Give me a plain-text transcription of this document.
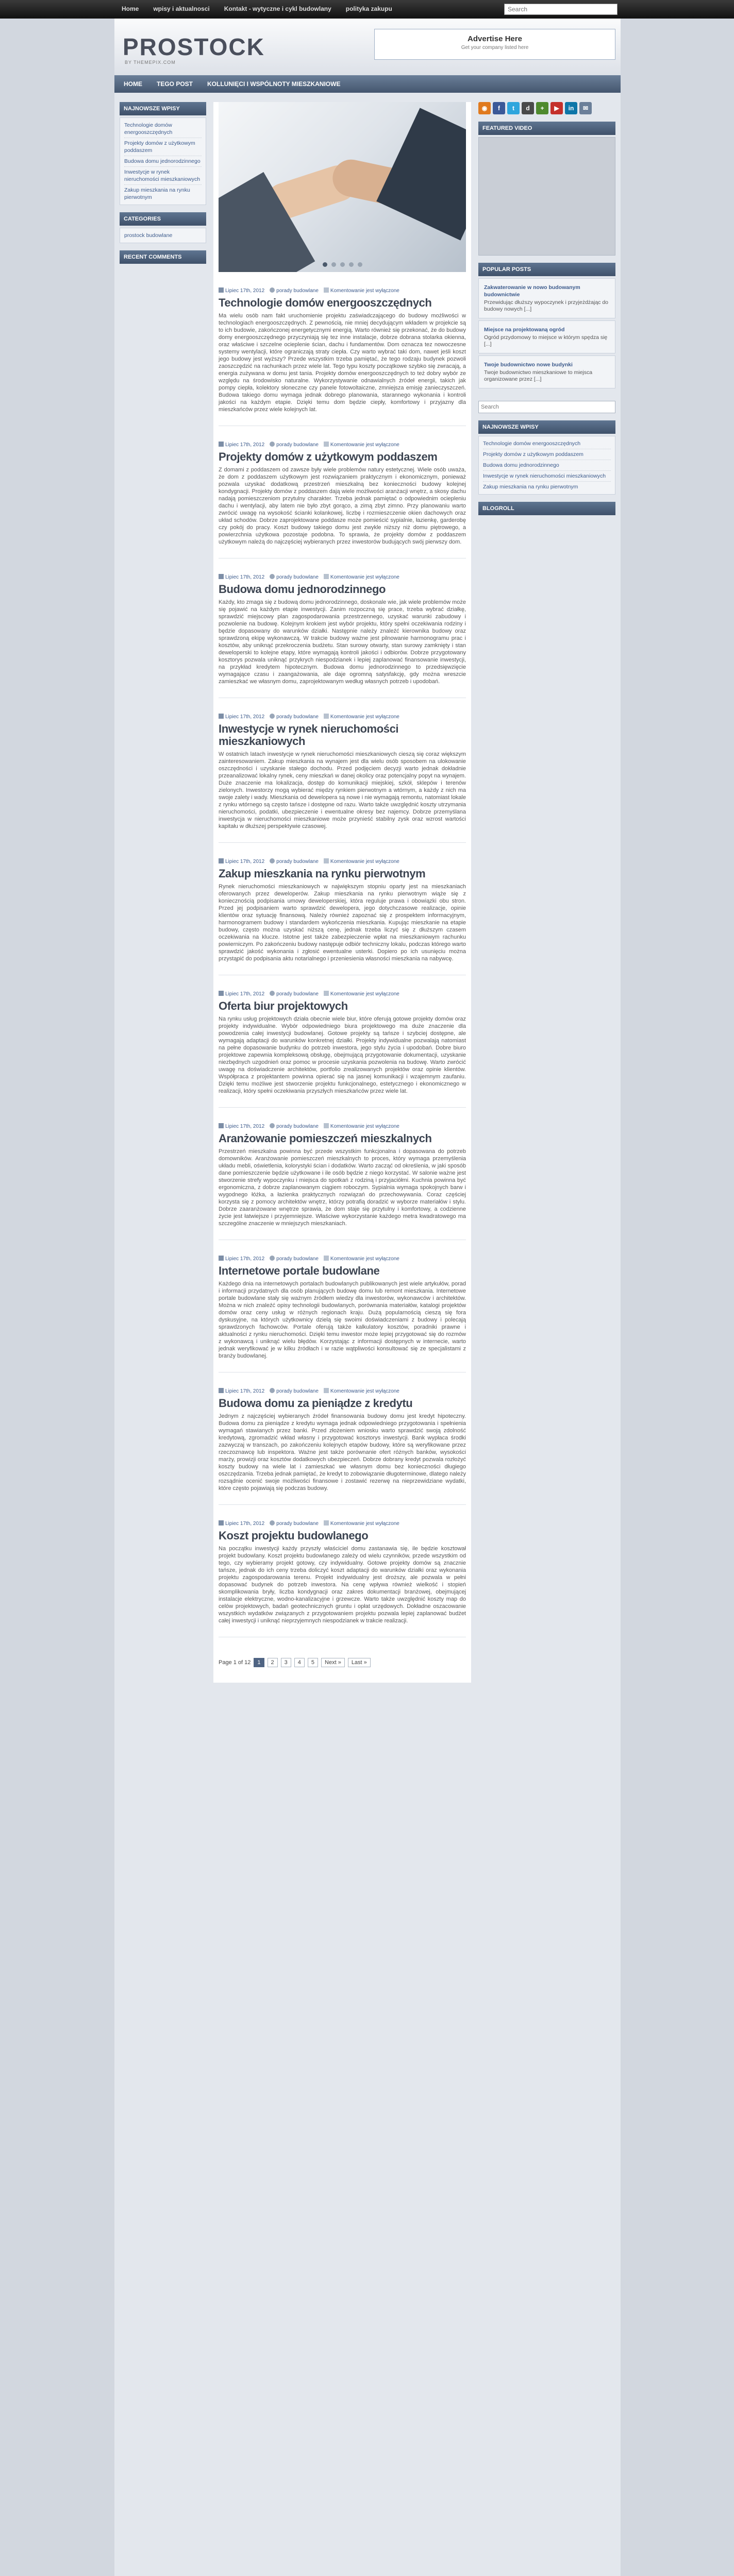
Home	wpisy i aktualnosci	Kontakt - wytyczne i cykl budowlany	polityka zakupu
Search
PROSTOCK
BY THEMEPIX.COM
Advertise Here
Get your company listed here
HOME TEGO POST KOLLUNIĘCI I WSPÓLNOTY MIESZKANIOWE
NAJNOWSZE WPISY
Technologie domów energooszczędnych
Projekty domów z użytkowym poddaszem
Budowa domu jednorodzinnego
Inwestycje w rynek nieruchomości mieszkaniowych
Zakup mieszkania na rynku pierwotnym
CATEGORIES
prostock budowlane
RECENT COMMENTS
Lipiec 17th, 2012	porady budowlane	Komentowanie jest wyłączone
Technologie domów energooszczędnych
Ma wielu osób nam fakt uruchomienie projektu zaświadczającego do budowy możliwości w technologiach energooszczędnych. Z pewnością, nie mniej decydującym wkładem w projekcie są to ich budowie, zakończonej energetycznymi energią. Warto również się przekonać, że do budowy domy energooszczędnego przyczyniają się tez inne instalacje, dobrze dobrana stolarka okienna, oraz właściwe i szczelne ocieplenie ścian, dachu i fundamentów. Dom oznacza tez nowoczesne systemy wentylacji, które ograniczają straty ciepła. Czy warto wybrać taki dom, nawet jeśli koszt jego budowy jest wyższy? Przede wszystkim trzeba pamiętać, że tego rodzaju budynek pozwoli zaoszczędzić na rachunkach przez wiele lat. Tego typu koszty początkowe szybko się zwracają, a energia zużywana w domu jest tania. Projekty domów energooszczędnych to też dobry wybór ze względu na środowisko naturalne. Wykorzystywanie odnawialnych źródeł energii, takich jak pompy ciepła, kolektory słoneczne czy panele fotowoltaiczne, zmniejsza emisję zanieczyszczeń. Budowa takiego domu wymaga jednak dobrego planowania, starannego wykonania i kontroli jakości na każdym etapie. Dzięki temu dom będzie ciepły, komfortowy i przyjazny dla mieszkańców przez wiele kolejnych lat.
Lipiec 17th, 2012	porady budowlane	Komentowanie jest wyłączone
Projekty domów z użytkowym poddaszem
Z domami z poddaszem od zawsze były wiele problemów natury estetycznej. Wiele osób uważa, że dom z poddaszem użytkowym jest rozwiązaniem praktycznym i ekonomicznym, ponieważ pozwala uzyskać dodatkową przestrzeń mieszkalną bez konieczności budowy kolejnej kondygnacji. Projekty domów z poddaszem dają wiele możliwości aranżacji wnętrz, a skosy dachu nadają pomieszczeniom przytulny charakter. Trzeba jednak pamiętać o odpowiednim ociepleniu dachu i wentylacji, aby latem nie było zbyt gorąco, a zimą zbyt zimno. Przy planowaniu warto zwrócić uwagę na wysokość ścianki kolankowej, liczbę i rozmieszczenie okien dachowych oraz układ schodów. Dobrze zaprojektowane poddasze może pomieścić sypialnie, łazienkę, garderobę czy pokój do pracy. Koszt budowy takiego domu jest zwykle niższy niż domu piętrowego, a powierzchnia użytkowa pozostaje podobna. To sprawia, że projekty domów z poddaszem użytkowym należą do najczęściej wybieranych przez inwestorów budujących swój pierwszy dom.
Lipiec 17th, 2012	porady budowlane	Komentowanie jest wyłączone
Budowa domu jednorodzinnego
Każdy, kto zmaga się z budową domu jednorodzinnego, doskonale wie, jak wiele problemów może się pojawić na każdym etapie inwestycji. Zanim rozpoczną się prace, trzeba wybrać działkę, sprawdzić miejscowy plan zagospodarowania przestrzennego, uzyskać warunki zabudowy i pozwolenie na budowę. Kolejnym krokiem jest wybór projektu, który spełni oczekiwania rodziny i będzie dopasowany do warunków działki. Następnie należy znaleźć kierownika budowy oraz sprawdzoną ekipę wykonawczą. W trakcie budowy ważne jest pilnowanie harmonogramu prac i kosztów, aby uniknąć przekroczenia budżetu. Stan surowy otwarty, stan surowy zamknięty i stan deweloperski to kolejne etapy, które wymagają kontroli jakości i odbiorów. Dobrze przygotowany kosztorys pozwala uniknąć przykrych niespodzianek i lepiej zaplanować finansowanie inwestycji, na przykład kredytem hipotecznym. Budowa domu jednorodzinnego to przedsięwzięcie wymagające czasu i zaangażowania, ale daje ogromną satysfakcję, gdy można wreszcie zamieszkać we własnym domu, zaprojektowanym według własnych potrzeb i upodobań.
Lipiec 17th, 2012	porady budowlane	Komentowanie jest wyłączone
Inwestycje w rynek nieruchomości mieszkaniowych
W ostatnich latach inwestycje w rynek nieruchomości mieszkaniowych cieszą się coraz większym zainteresowaniem. Zakup mieszkania na wynajem jest dla wielu osób sposobem na ulokowanie oszczędności i uzyskanie stałego dochodu. Przed podjęciem decyzji warto jednak dokładnie przeanalizować lokalny rynek, ceny mieszkań w danej okolicy oraz potencjalny popyt na wynajem. Duże znaczenie ma lokalizacja, dostęp do komunikacji miejskiej, szkół, sklepów i terenów zielonych. Inwestorzy mogą wybierać między rynkiem pierwotnym a wtórnym, a każdy z nich ma swoje zalety i wady. Mieszkania od dewelopera są nowe i nie wymagają remontu, natomiast lokale z rynku wtórnego są często tańsze i dostępne od razu. Warto także uwzględnić koszty utrzymania nieruchomości, podatki, ubezpieczenie i ewentualne okresy bez najemcy. Dobrze przemyślana inwestycja w nieruchomości mieszkaniowe może przynieść stabilny zysk oraz wzrost wartości kapitału w dłuższej perspektywie czasowej.
Lipiec 17th, 2012	porady budowlane	Komentowanie jest wyłączone
Zakup mieszkania na rynku pierwotnym
Rynek nieruchomości mieszkaniowych w największym stopniu oparty jest na mieszkaniach oferowanych przez deweloperów. Zakup mieszkania na rynku pierwotnym wiąże się z koniecznością podpisania umowy deweloperskiej, która reguluje prawa i obowiązki obu stron. Przed jej podpisaniem warto sprawdzić dewelopera, jego dotychczasowe realizacje, opinie klientów oraz sytuację finansową. Należy również zapoznać się z prospektem informacyjnym, harmonogramem budowy i standardem wykończenia mieszkania. Kupując mieszkanie na etapie budowy, często można uzyskać niższą cenę, jednak trzeba liczyć się z dłuższym czasem oczekiwania na klucze. Istotne jest także zabezpieczenie wpłat na mieszkaniowym rachunku powierniczym. Po zakończeniu budowy następuje odbiór techniczny lokalu, podczas którego warto sprawdzić jakość wykonania i zgłosić ewentualne usterki. Dopiero po ich usunięciu można przystąpić do podpisania aktu notarialnego i przeniesienia własności mieszkania na nabywcę.
Lipiec 17th, 2012	porady budowlane	Komentowanie jest wyłączone
Oferta biur projektowych
Na rynku usług projektowych działa obecnie wiele biur, które oferują gotowe projekty domów oraz projekty indywidualne. Wybór odpowiedniego biura projektowego ma duże znaczenie dla powodzenia całej inwestycji budowlanej. Gotowe projekty są tańsze i szybciej dostępne, ale wymagają adaptacji do warunków konkretnej działki. Projekty indywidualne pozwalają natomiast na pełne dopasowanie budynku do potrzeb inwestora, jego stylu życia i upodobań. Dobre biuro projektowe zapewnia kompleksową obsługę, obejmującą przygotowanie dokumentacji, uzyskanie niezbędnych uzgodnień oraz pomoc w procesie uzyskania pozwolenia na budowę. Warto zwrócić uwagę na doświadczenie architektów, portfolio zrealizowanych projektów oraz opinie klientów. Współpraca z projektantem powinna opierać się na jasnej komunikacji i wzajemnym zaufaniu. Dzięki temu możliwe jest stworzenie projektu funkcjonalnego, estetycznego i ekonomicznego w realizacji, który spełni oczekiwania przyszłych mieszkańców przez wiele lat.
Lipiec 17th, 2012	porady budowlane	Komentowanie jest wyłączone
Aranżowanie pomieszczeń mieszkalnych
Przestrzeń mieszkalna powinna być przede wszystkim funkcjonalna i dopasowana do potrzeb domowników. Aranżowanie pomieszczeń mieszkalnych to proces, który wymaga przemyślenia układu mebli, oświetlenia, kolorystyki ścian i dodatków. Warto zacząć od określenia, w jaki sposób dane pomieszczenie będzie użytkowane i ile osób będzie z niego korzystać. W salonie ważne jest stworzenie strefy wypoczynku i miejsca do spotkań z rodziną i przyjaciółmi. Kuchnia powinna być ergonomiczna, z dobrze zaplanowanym ciągiem roboczym. Sypialnia wymaga spokojnych barw i wygodnego łóżka, a łazienka praktycznych rozwiązań do przechowywania. Coraz częściej korzysta się z pomocy architektów wnętrz, którzy potrafią doradzić w wyborze materiałów i stylu. Dobrze zaaranżowane wnętrze sprawia, że dom staje się przytulny i komfortowy, a codzienne życie jest łatwiejsze i przyjemniejsze. Właściwe wykorzystanie każdego metra kwadratowego ma szczególne znaczenie w mniejszych mieszkaniach.
Lipiec 17th, 2012	porady budowlane	Komentowanie jest wyłączone
Internetowe portale budowlane
Każdego dnia na internetowych portalach budowlanych publikowanych jest wiele artykułów, porad i informacji przydatnych dla osób planujących budowę domu lub remont mieszkania. Internetowe portale budowlane stały się ważnym źródłem wiedzy dla inwestorów, wykonawców i architektów. Można w nich znaleźć opisy technologii budowlanych, porównania materiałów, katalogi projektów domów oraz ceny usług w różnych regionach kraju. Dużą popularnością cieszą się fora dyskusyjne, na których użytkownicy dzielą się swoimi doświadczeniami z budowy i polecają sprawdzonych fachowców. Portale oferują także kalkulatory kosztów, poradniki prawne i aktualności z rynku nieruchomości. Dzięki temu inwestor może lepiej przygotować się do rozmów z wykonawcą i uniknąć wielu błędów. Korzystając z informacji dostępnych w internecie, warto jednak weryfikować je w kilku źródłach i w razie wątpliwości konsultować się ze specjalistami z branży budowlanej.
Lipiec 17th, 2012	porady budowlane	Komentowanie jest wyłączone
Budowa domu za pieniądze z kredytu
Jednym z najczęściej wybieranych źródeł finansowania budowy domu jest kredyt hipoteczny. Budowa domu za pieniądze z kredytu wymaga jednak odpowiedniego przygotowania i spełnienia wymagań stawianych przez banki. Przed złożeniem wniosku warto sprawdzić swoją zdolność kredytową, zgromadzić wkład własny i przygotować kosztorys inwestycji. Bank wypłaca środki zazwyczaj w transzach, po zakończeniu kolejnych etapów budowy, które są weryfikowane przez rzeczoznawcę lub inspektora. Ważne jest także porównanie ofert różnych banków, wysokości marży, prowizji oraz kosztów dodatkowych ubezpieczeń. Dobrze dobrany kredyt pozwala rozłożyć koszty budowy na wiele lat i zamieszkać we własnym domu bez konieczności długiego oszczędzania. Trzeba jednak pamiętać, że kredyt to zobowiązanie długoterminowe, dlatego należy rozsądnie ocenić swoje możliwości finansowe i zostawić rezerwę na nieprzewidziane wydatki, które często pojawiają się podczas budowy.
Lipiec 17th, 2012	porady budowlane	Komentowanie jest wyłączone
Koszt projektu budowlanego
Na początku inwestycji każdy przyszły właściciel domu zastanawia się, ile będzie kosztował projekt budowlany. Koszt projektu budowlanego zależy od wielu czynników, przede wszystkim od tego, czy wybieramy projekt gotowy, czy indywidualny. Gotowe projekty domów są znacznie tańsze, jednak do ich ceny trzeba doliczyć koszt adaptacji do warunków działki oraz wykonania projektu zagospodarowania terenu. Projekt indywidualny jest droższy, ale pozwala w pełni dopasować budynek do potrzeb inwestora. Na cenę wpływa również wielkość i stopień skomplikowania bryły, liczba kondygnacji oraz zakres dokumentacji branżowej, obejmującej instalacje elektryczne, wodno-kanalizacyjne i grzewcze. Warto także uwzględnić koszty map do celów projektowych, badań geotechnicznych gruntu i opłat urzędowych. Dokładne oszacowanie wszystkich wydatków związanych z przygotowaniem projektu pozwala lepiej zaplanować budżet całej inwestycji i uniknąć nieprzyjemnych niespodzianek w trakcie realizacji.
Page 1 of 12	1	2	3	4	5	Next »	Last »
◉	f	t	d	+	▶	in	✉
FEATURED VIDEO
POPULAR POSTS
Zakwaterowanie w nowo budowanym budownictwie
Przewidując dłuższy wypoczynek i przyjeżdżając do budowy nowych [...]
Miejsce na projektowaną ogród
Ogród przydomowy to miejsce w którym spędza się [...]
Twoje budownictwo nowe budynki
Twoje budownictwo mieszkaniowe to miejsca organizowane przez [...]
Search
NAJNOWSZE WPISY
Technologie domów energooszczędnych
Projekty domów z użytkowym poddaszem
Budowa domu jednorodzinnego
Inwestycje w rynek nieruchomości mieszkaniowych
Zakup mieszkania na rynku pierwotnym
BLOGROLL
